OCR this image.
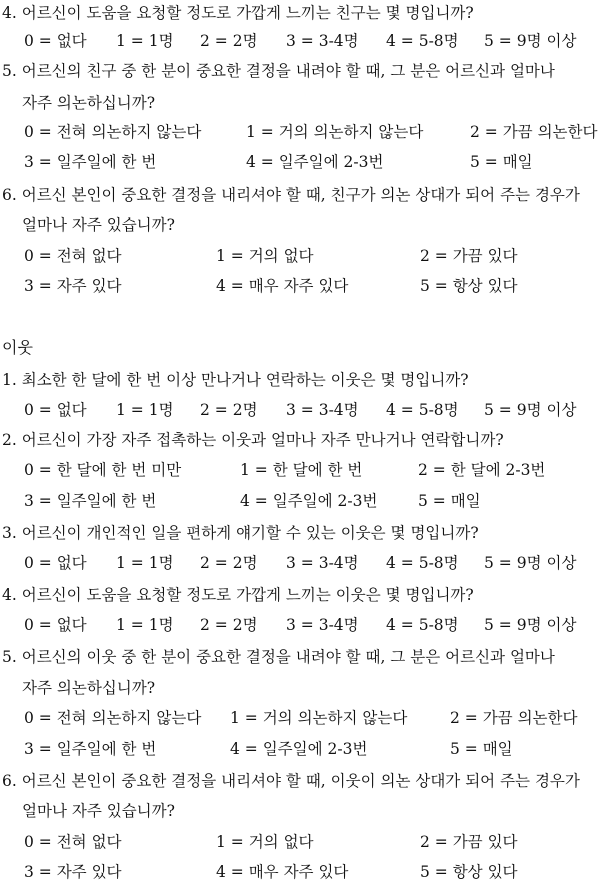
4. 어르신이 도움을 요청할 정도로 가깝게 느끼는 친구는 몇 명입니까?
0 = 없다 1 = 1명 2 = 2명 3 = 3-4명 4 = 5-8명 5 = 9명 이상
5. 어르신의 친구 중 한 분이 중요한 결정을 내려야 할 때, 그 분은 어르신과 얼마나
자주 의논하십니까?
0 = 전혀 의논하지 않는다	1 = 거의 의논하지 않는다	2 = 가끔 의논한다
3 = 일주일에 한 번	4 = 일주일에 2-3번	5 = 매일
6. 어르신 본인이 중요한 결정을 내리셔야 할 때, 친구가 의논 상대가 되어 주는 경우가
얼마나 자주 있습니까?
0 = 전혀 없다	1 = 거의 없다	2 = 가끔 있다
3 = 자주 있다	4 = 매우 자주 있다	5 = 항상 있다
이웃
1. 최소한 한 달에 한 번 이상 만나거나 연락하는 이웃은 몇 명입니까?
0 = 없다 1 = 1명 2 = 2명 3 = 3-4명 4 = 5-8명 5 = 9명 이상
2. 어르신이 가장 자주 접촉하는 이웃과 얼마나 자주 만나거나 연락합니까?
0 = 한 달에 한 번 미만	1 = 한 달에 한 번	2 = 한 달에 2-3번
3 = 일주일에 한 번	4 = 일주일에 2-3번	5 = 매일
3. 어르신이 개인적인 일을 편하게 얘기할 수 있는 이웃은 몇 명입니까?
0 = 없다 1 = 1명 2 = 2명 3 = 3-4명 4 = 5-8명 5 = 9명 이상
4. 어르신이 도움을 요청할 정도로 가깝게 느끼는 이웃은 몇 명입니까?
0 = 없다 1 = 1명 2 = 2명 3 = 3-4명 4 = 5-8명 5 = 9명 이상
5. 어르신의 이웃 중 한 분이 중요한 결정을 내려야 할 때, 그 분은 어르신과 얼마나
자주 의논하십니까?
0 = 전혀 의논하지 않는다 1 = 거의 의논하지 않는다	2 = 가끔 의논한다
3 = 일주일에 한 번	4 = 일주일에 2-3번	5 = 매일
6. 어르신 본인이 중요한 결정을 내리셔야 할 때, 이웃이 의논 상대가 되어 주는 경우가
얼마나 자주 있습니까?
0 = 전혀 없다	1 = 거의 없다	2 = 가끔 있다
3 = 자주 있다	4 = 매우 자주 있다	5 = 항상 있다
